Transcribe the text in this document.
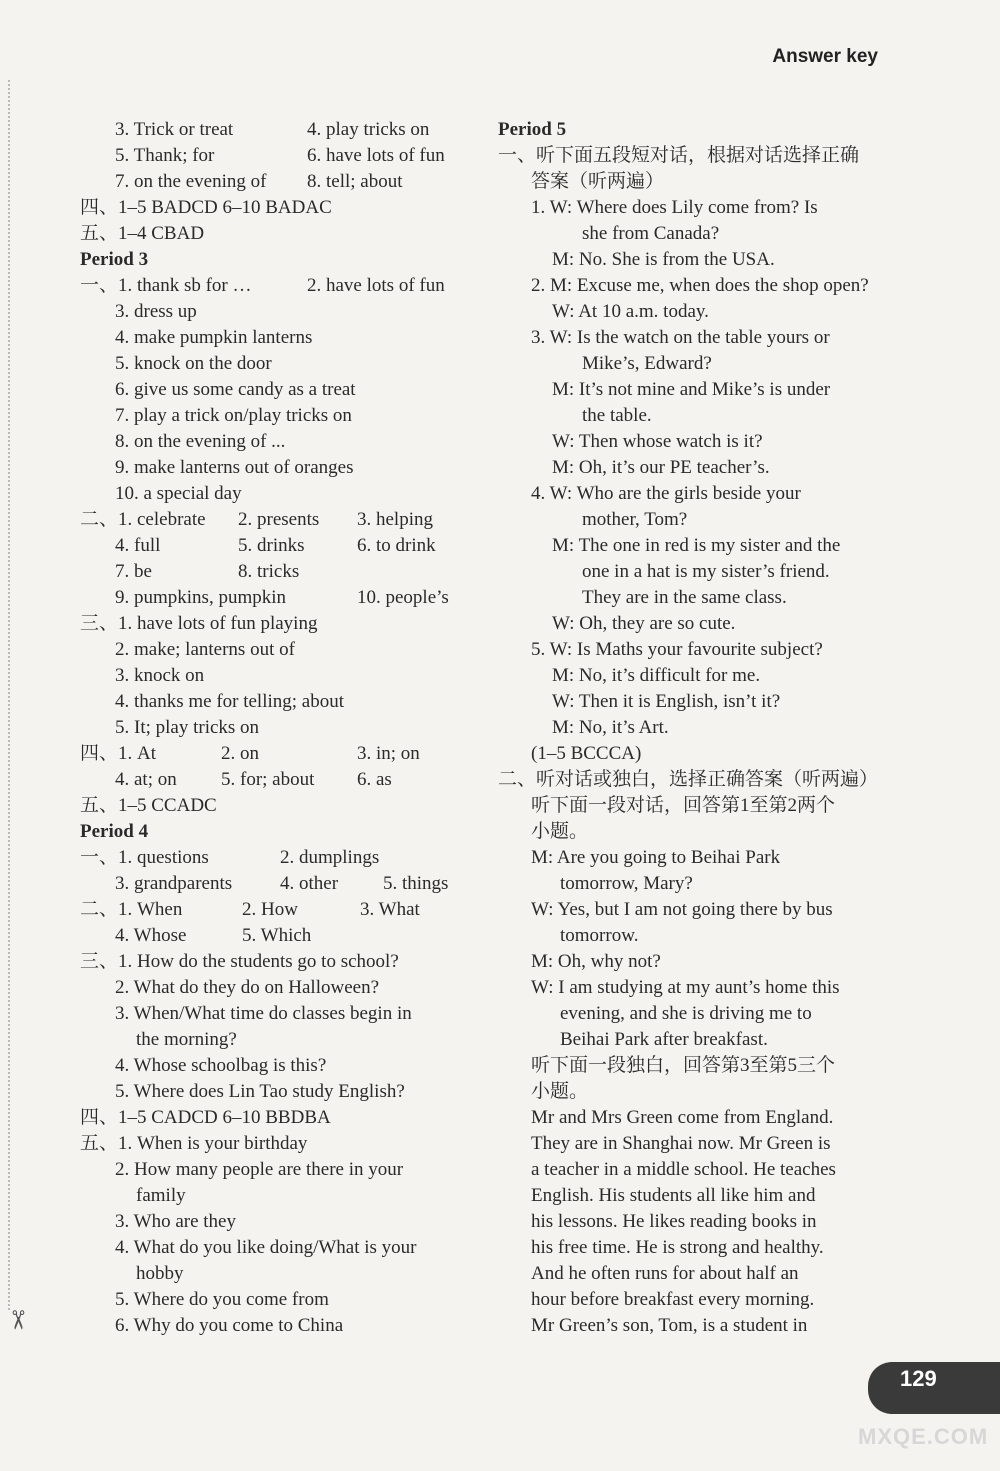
Answer key
3. Trick or treat	4. play tricks on
5. Thank; for	6. have lots of fun
7. on the evening of 8. tell; about
四、1–5 BADCD 6–10 BADAC
五、1–4 CBAD
Period 3
一、1. thank sb for …	2. have lots of fun
3. dress up
4. make pumpkin lanterns
5. knock on the door
6. give us some candy as a treat
7. play a trick on/play tricks on
8. on the evening of ...
9. make lanterns out of oranges
10. a special day
二、1. celebrate 2. presents 3. helping
4. full	5. drinks	6. to drink
7. be	8. tricks
9. pumpkins, pumpkin	10. people’s
三、1. have lots of fun playing
2. make; lanterns out of
3. knock on
4. thanks me for telling; about
5. It; play tricks on
四、1. At	2. on	3. in; on
4. at; on 5. for; about 6. as
五、1–5 CCADC
Period 4
一、1. questions	2. dumplings
3. grandparents	4. other 5. things
二、1. When	2. How	3. What
4. Whose	5. Which
三、1. How do the students go to school?
2. What do they do on Halloween?
3. When/What time do classes begin in
the morning?
4. Whose schoolbag is this?
5. Where does Lin Tao study English?
四、1–5 CADCD 6–10 BBDBA
五、1. When is your birthday
2. How many people are there in your
family
3. Who are they
4. What do you like doing/What is your
hobby
5. Where do you come from
6. Why do you come to China
Period 5
一、听下面五段短对话，根据对话选择正确
答案（听两遍）
1. W: Where does Lily come from? Is
she from Canada?
M: No. She is from the USA.
2. M: Excuse me, when does the shop open?
W: At 10 a.m. today.
3. W: Is the watch on the table yours or
Mike’s, Edward?
M: It’s not mine and Mike’s is under
the table.
W: Then whose watch is it?
M: Oh, it’s our PE teacher’s.
4. W: Who are the girls beside your
mother, Tom?
M: The one in red is my sister and the
one in a hat is my sister’s friend.
They are in the same class.
W: Oh, they are so cute.
5. W: Is Maths your favourite subject?
M: No, it’s difficult for me.
W: Then it is English, isn’t it?
M: No, it’s Art.
(1–5 BCCCA)
二、听对话或独白，选择正确答案（听两遍）
听下面一段对话，回答第1至第2两个
小题。
M: Are you going to Beihai Park
tomorrow, Mary?
W: Yes, but I am not going there by bus
tomorrow.
M: Oh, why not?
W: I am studying at my aunt’s home this
evening, and she is driving me to
Beihai Park after breakfast.
听下面一段独白，回答第3至第5三个
小题。
Mr and Mrs Green come from England.
They are in Shanghai now. Mr Green is
a teacher in a middle school. He teaches
English. His students all like him and
his lessons. He likes reading books in
his free time. He is strong and healthy.
And he often runs for about half an
hour before breakfast every morning.
Mr Green’s son, Tom, is a student in
✂
129
MXQE.COM
